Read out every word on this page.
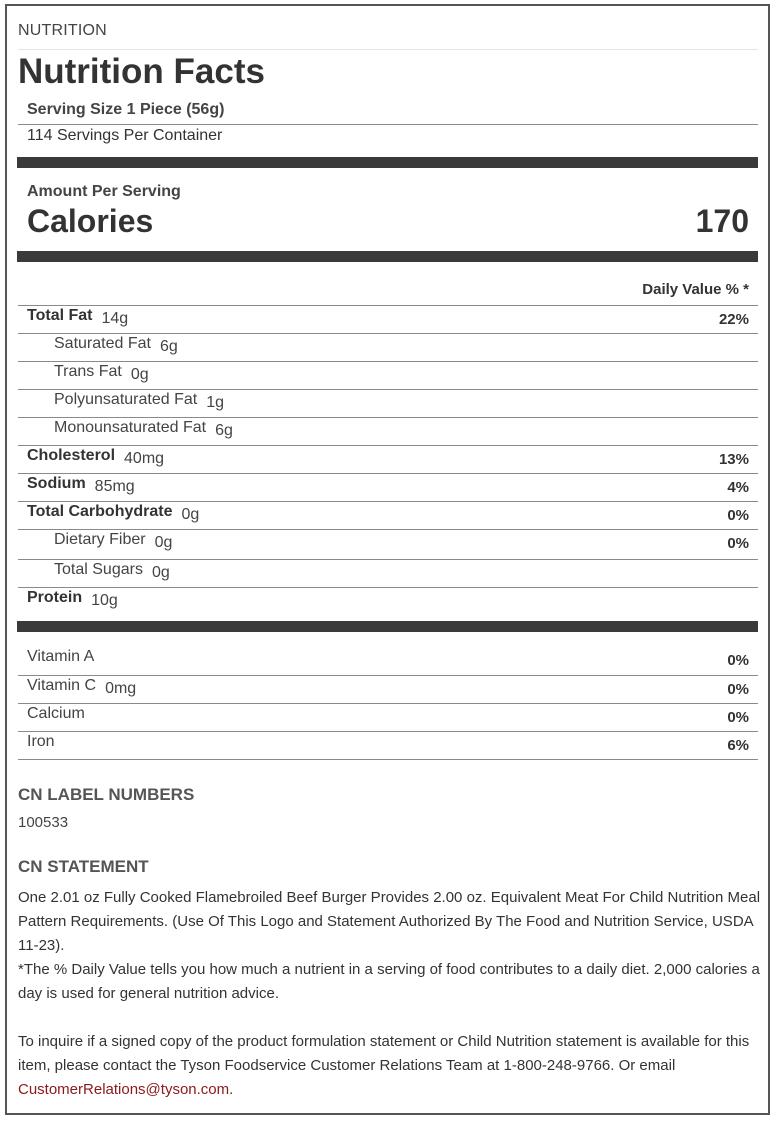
NUTRITION
Nutrition Facts
Serving Size 1 Piece (56g)
114 Servings Per Container
Amount Per Serving
Calories	170
Daily Value % *
Total Fat 14g	22%
Saturated Fat 6g
Trans Fat 0g
Polyunsaturated Fat 1g
Monounsaturated Fat 6g
Cholesterol 40mg	13%
Sodium 85mg	4%
Total Carbohydrate 0g	0%
Dietary Fiber 0g	0%
Total Sugars 0g
Protein 10g
Vitamin A	0%
Vitamin C 0mg	0%
Calcium	0%
Iron	6%
CN LABEL NUMBERS
100533
CN STATEMENT
One 2.01 oz Fully Cooked Flamebroiled Beef Burger Provides 2.00 oz. Equivalent Meat For Child Nutrition Meal Pattern Requirements. (Use Of This Logo and Statement Authorized By The Food and Nutrition Service, USDA 11-23).
*The % Daily Value tells you how much a nutrient in a serving of food contributes to a daily diet. 2,000 calories a day is used for general nutrition advice.
To inquire if a signed copy of the product formulation statement or Child Nutrition statement is available for this item, please contact the Tyson Foodservice Customer Relations Team at 1-800-248-9766. Or email CustomerRelations@tyson.com.
